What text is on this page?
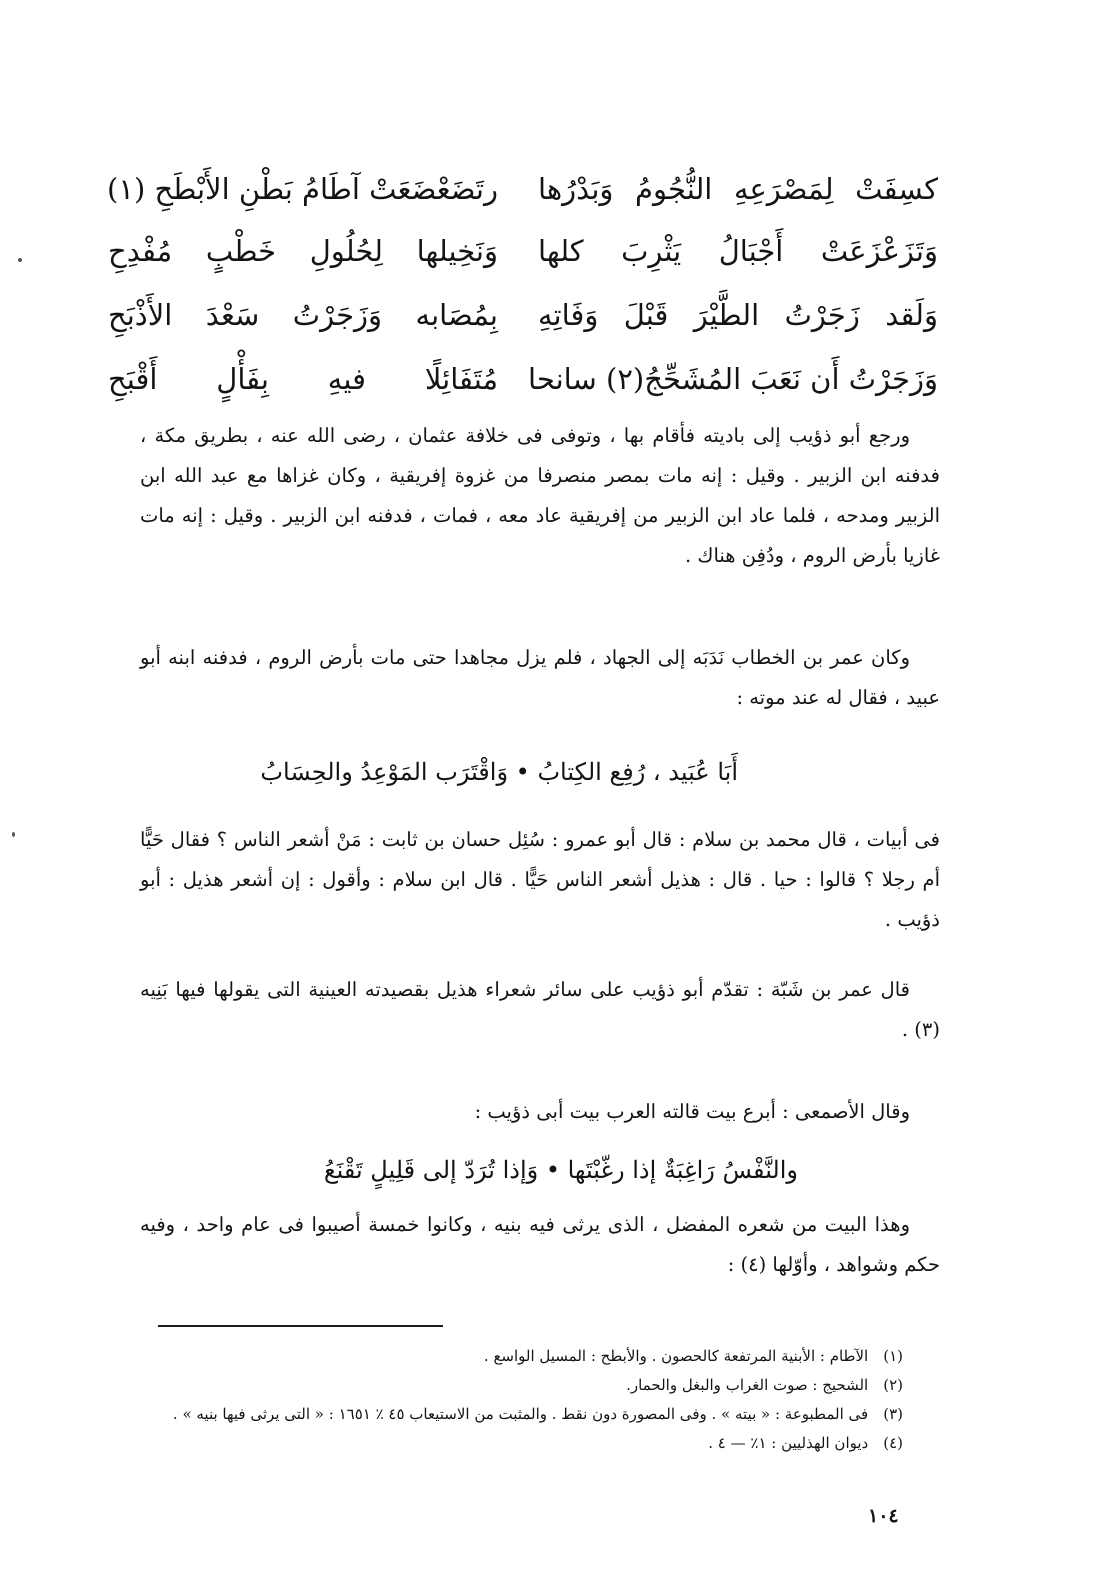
كسِفَتْ لِمَصْرَعِهِ النُّجُومُ وَبَدْرُها
رتَضَعْضَعَتْ آطَامُ بَطْنِ الأَبْطَحِ (١)
وَتَزَعْزَعَتْ أَجْبَالُ يَثْرِبَ كلها
وَنَخِيلها لِحُلُولِ خَطْبٍ مُفْدِحِ
وَلَقد زَجَرْتُ الطَّيْرَ قَبْلَ وَفَاتِهِ
بِمُصَابه وَزَجَرْتُ سَعْدَ الأَذْبَحِ
وَزَجَرْتُ أَن نَعَبَ المُشَحِّجُ(٢) سانحا
مُتَفَائِلًا فيهِ بِفَأْلٍ أَقْبَحِ
ورجع أبو ذؤيب إلى باديته فأقام بها ، وتوفى فى خلافة عثمان ، رضى الله عنه ، بطريق مكة ، فدفنه ابن الزبير . وقيل : إنه مات بمصر منصرفا من غزوة إفريقية ، وكان غزاها مع عبد الله ابن الزبير ومدحه ، فلما عاد ابن الزبير من إفريقية عاد معه ، فمات ، فدفنه ابن الزبير . وقيل : إنه مات غازيا بأرض الروم ، ودُفِن هناك .
وكان عمر بن الخطاب نَدَبَه إلى الجهاد ، فلم يزل مجاهدا حتى مات بأرض الروم ، فدفنه ابنه أبو عبيد ، فقال له عند موته :
أَبَا عُبَيد ، رُفِع الكِتابُ • وَاقْتَرَب المَوْعِدُ والحِسَابُ
فى أبيات ، قال محمد بن سلام : قال أبو عمرو : سُئِل حسان بن ثابت : مَنْ أشعر الناس ؟ فقال حَيًّا أم رجلا ؟ قالوا : حيا . قال : هذيل أشعر الناس حَيًّا . قال ابن سلام : وأقول : إن أشعر هذيل : أبو ذؤيب .
قال عمر بن شَبّة : تقدّم أبو ذؤيب على سائر شعراء هذيل بقصيدته العينية التى يقولها فيها بَنِيه (٣) .
وقال الأصمعى : أبرع بيت قالته العرب بيت أبى ذؤيب :
والنَّفْسُ رَاغِبَةٌ إذا رغّبْتَها • وَإذا تُرَدّ إلى قَلِيلٍ تَقْنَعُ
وهذا البيت من شعره المفضل ، الذى يرثى فيه بنيه ، وكانوا خمسة أصيبوا فى عام واحد ، وفيه حكم وشواهد ، وأوّلها (٤) :
(١) الآطام : الأبنية المرتفعة كالحصون . والأبطح : المسيل الواسع .
(٢) الشحيج : صوت الغراب والبغل والحمار.
(٣) فى المطبوعة : « بيته » . وفى المصورة دون نقط . والمثبت من الاستيعاب ٤٥ ٪ ١٦٥١ : « التى يرثى فيها بنيه » .
(٤) ديوان الهذليين : ١٪ — ٤ .
١٠٤
